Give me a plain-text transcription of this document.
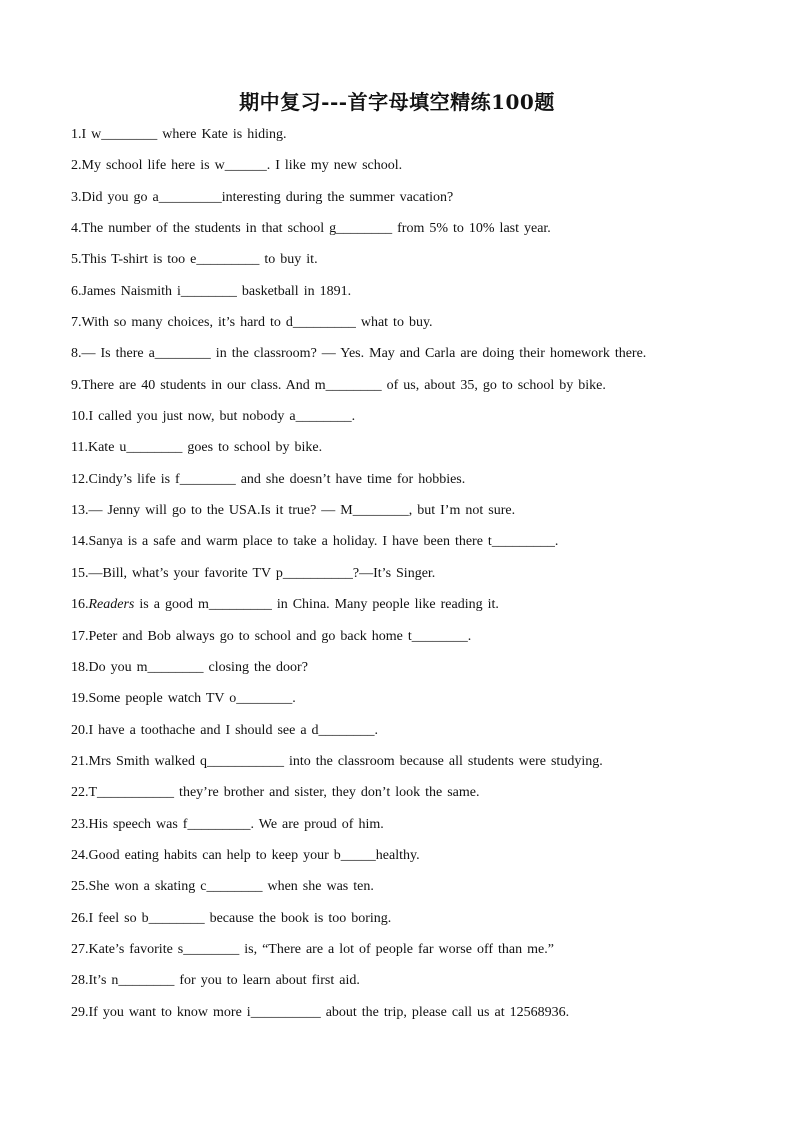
期中复习---首字母填空精练100题
1.I w________ where Kate is hiding.
2.My school life here is w______. I like my new school.
3.Did you go a_________interesting during the summer vacation?
4.The number of the students in that school g________ from 5% to 10% last year.
5.This T-shirt is too e_________ to buy it.
6.James Naismith i________ basketball in 1891.
7.With so many choices, it’s hard to d_________ what to buy.
8.— Is there a________ in the classroom? — Yes. May and Carla are doing their homework there.
9.There are 40 students in our class. And m________ of us, about 35, go to school by bike.
10.I called you just now, but nobody a________.
11.Kate u________ goes to school by bike.
12.Cindy’s life is f________ and she doesn’t have time for hobbies.
13.— Jenny will go to the USA.Is it true? — M________, but I’m not sure.
14.Sanya is a safe and warm place to take a holiday. I have been there t_________.
15.—Bill, what’s your favorite TV p__________?—It’s Singer.
16.Readers is a good m_________ in China. Many people like reading it.
17.Peter and Bob always go to school and go back home t________.
18.Do you m________ closing the door?
19.Some people watch TV o________.
20.I have a toothache and I should see a d________.
21.Mrs Smith walked q___________ into the classroom because all students were studying.
22.T___________ they’re brother and sister, they don’t look the same.
23.His speech was f_________. We are proud of him.
24.Good eating habits can help to keep your b_____healthy.
25.She won a skating c________ when she was ten.
26.I feel so b________ because the book is too boring.
27.Kate’s favorite s________ is, “There are a lot of people far worse off than me.”
28.It’s n________ for you to learn about first aid.
29.If you want to know more i__________ about the trip, please call us at 12568936.
